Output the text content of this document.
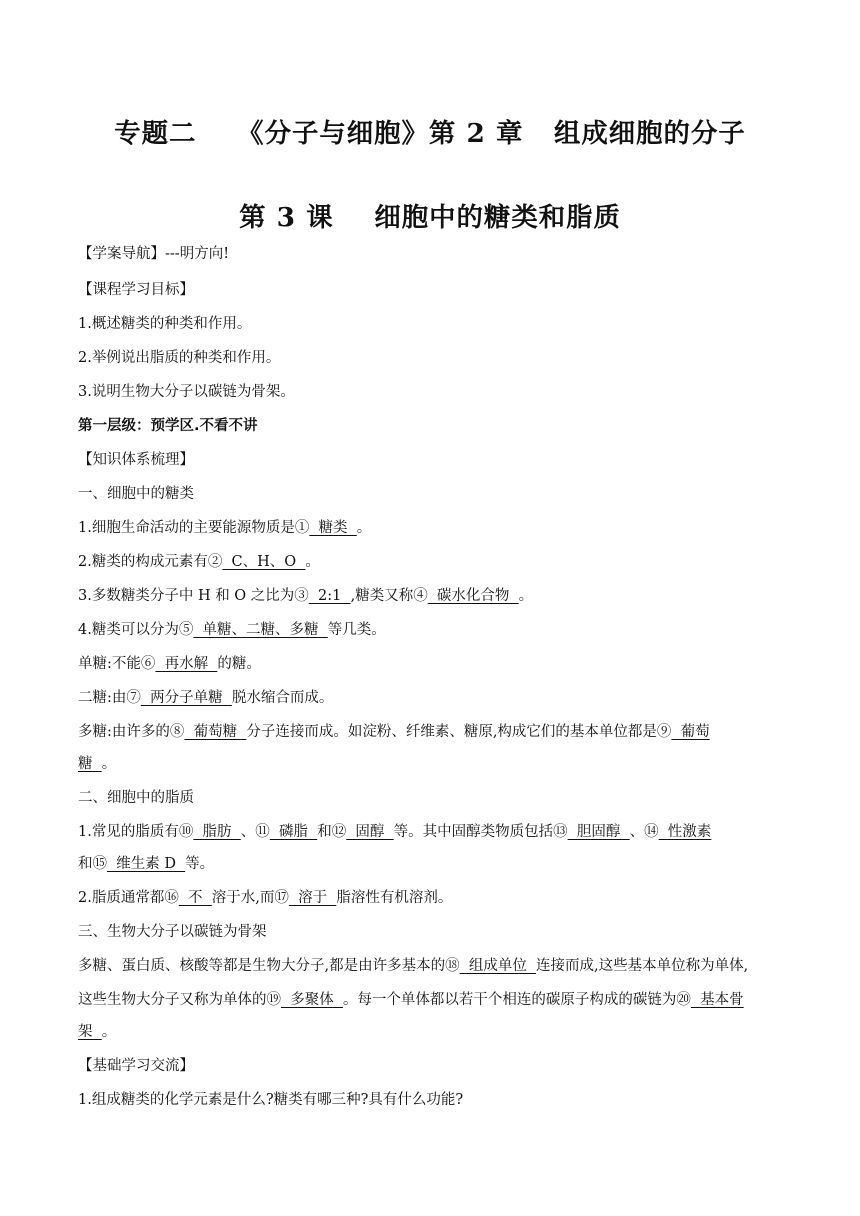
专题二    《分子与细胞》第 2 章   组成细胞的分子
第 3 课    细胞中的糖类和脂质
【学案导航】---明方向!
【课程学习目标】
1.概述糖类的种类和作用。
2.举例说出脂质的种类和作用。
3.说明生物大分子以碳链为骨架。
第一层级：预学区.不看不讲
【知识体系梳理】
一、细胞中的糖类
1.细胞生命活动的主要能源物质是①  糖类  。
2.糖类的构成元素有②  C、H、O  。
3.多数糖类分子中 H 和 O 之比为③  2:1  ,糖类又称④  碳水化合物  。
4.糖类可以分为⑤  单糖、二糖、多糖  等几类。
单糖:不能⑥  再水解  的糖。
二糖:由⑦  两分子单糖  脱水缩合而成。
多糖:由许多的⑧  葡萄糖  分子连接而成。如淀粉、纤维素、糖原,构成它们的基本单位都是⑨  葡萄
糖  。
二、细胞中的脂质
1.常见的脂质有⑩  脂肪  、⑪  磷脂  和⑫  固醇  等。其中固醇类物质包括⑬  胆固醇  、⑭  性激素
和⑮  维生素 D  等。
2.脂质通常都⑯  不  溶于水,而⑰  溶于  脂溶性有机溶剂。
三、生物大分子以碳链为骨架
多糖、蛋白质、核酸等都是生物大分子,都是由许多基本的⑱  组成单位  连接而成,这些基本单位称为单体,
这些生物大分子又称为单体的⑲  多聚体  。每一个单体都以若干个相连的碳原子构成的碳链为⑳  基本骨
架  。
【基础学习交流】
1.组成糖类的化学元素是什么?糖类有哪三种?具有什么功能?
